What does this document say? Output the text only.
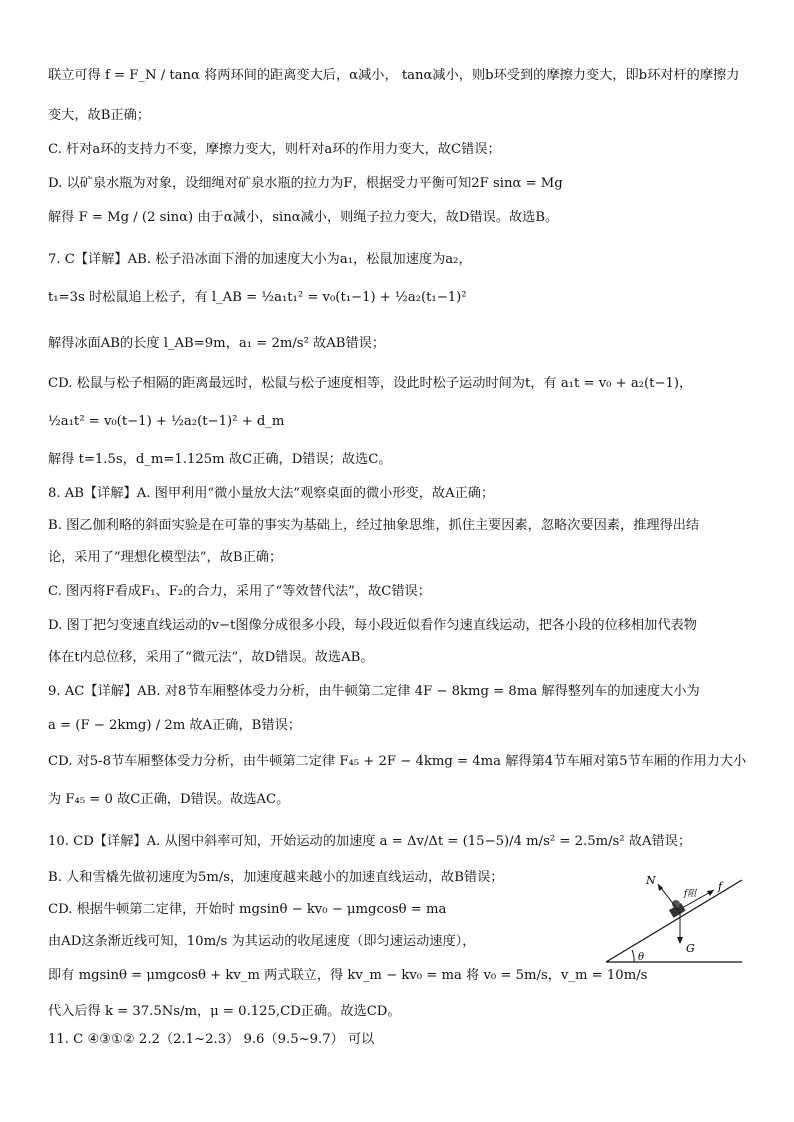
联立可得 f = F_N / tanα 将两环间的距离变大后，α减小， tanα减小，则b环受到的摩擦力变大，即b环对杆的摩擦力
变大，故B正确；
C. 杆对a环的支持力不变，摩擦力变大，则杆对a环的作用力变大，故C错误；
D. 以矿泉水瓶为对象，设细绳对矿泉水瓶的拉力为F，根据受力平衡可知2F sinα = Mg
解得 F = Mg / (2 sinα) 由于α减小，sinα减小，则绳子拉力变大，故D错误。故选B。
7. C【详解】AB. 松子沿冰面下滑的加速度大小为a₁，松鼠加速度为a₂，
t₁=3s 时松鼠追上松子，有 l_AB = ½a₁t₁² = v₀(t₁−1) + ½a₂(t₁−1)²
解得冰面AB的长度 l_AB=9m，a₁ = 2m/s² 故AB错误；
CD. 松鼠与松子相隔的距离最远时，松鼠与松子速度相等，设此时松子运动时间为t，有 a₁t = v₀ + a₂(t−1)，
½a₁t² = v₀(t−1) + ½a₂(t−1)² + d_m
解得 t=1.5s，d_m=1.125m 故C正确，D错误；故选C。
8. AB【详解】A. 图甲利用“微小量放大法”观察桌面的微小形变，故A正确；
B. 图乙伽利略的斜面实验是在可靠的事实为基础上，经过抽象思维，抓住主要因素，忽略次要因素，推理得出结
论，采用了“理想化模型法”，故B正确；
C. 图丙将F看成F₁、F₂的合力，采用了“等效替代法”，故C错误；
D. 图丁把匀变速直线运动的v−t图像分成很多小段，每小段近似看作匀速直线运动，把各小段的位移相加代表物
体在t内总位移，采用了“微元法”，故D错误。故选AB。
9. AC【详解】AB. 对8节车厢整体受力分析，由牛顿第二定律 4F − 8kmg = 8ma 解得整列车的加速度大小为
a = (F − 2kmg) / 2m 故A正确，B错误；
CD. 对5-8节车厢整体受力分析，由牛顿第二定律 F₄₅ + 2F − 4kmg = 4ma 解得第4节车厢对第5节车厢的作用力大小
为 F₄₅ = 0 故C正确，D错误。故选AC。
10. CD【详解】A. 从图中斜率可知，开始运动的加速度 a = Δv/Δt = (15−5)/4 m/s² = 2.5m/s² 故A错误；
B. 人和雪橇先做初速度为5m/s，加速度越来越小的加速直线运动，故B错误；
CD. 根据牛顿第二定律，开始时 mgsinθ − kv₀ − μmgcosθ = ma
由AD这条渐近线可知，10m/s 为其运动的收尾速度（即匀速运动速度），
即有 mgsinθ = μmgcosθ + kv_m 两式联立，得 kv_m − kv₀ = ma 将 v₀ = 5m/s，v_m = 10m/s
代入后得 k = 37.5Ns/m，μ = 0.125,CD正确。故选CD。
11. C ④③①② 2.2（2.1~2.3） 9.6（9.5~9.7） 可以
N
f阻
f
G
θ
